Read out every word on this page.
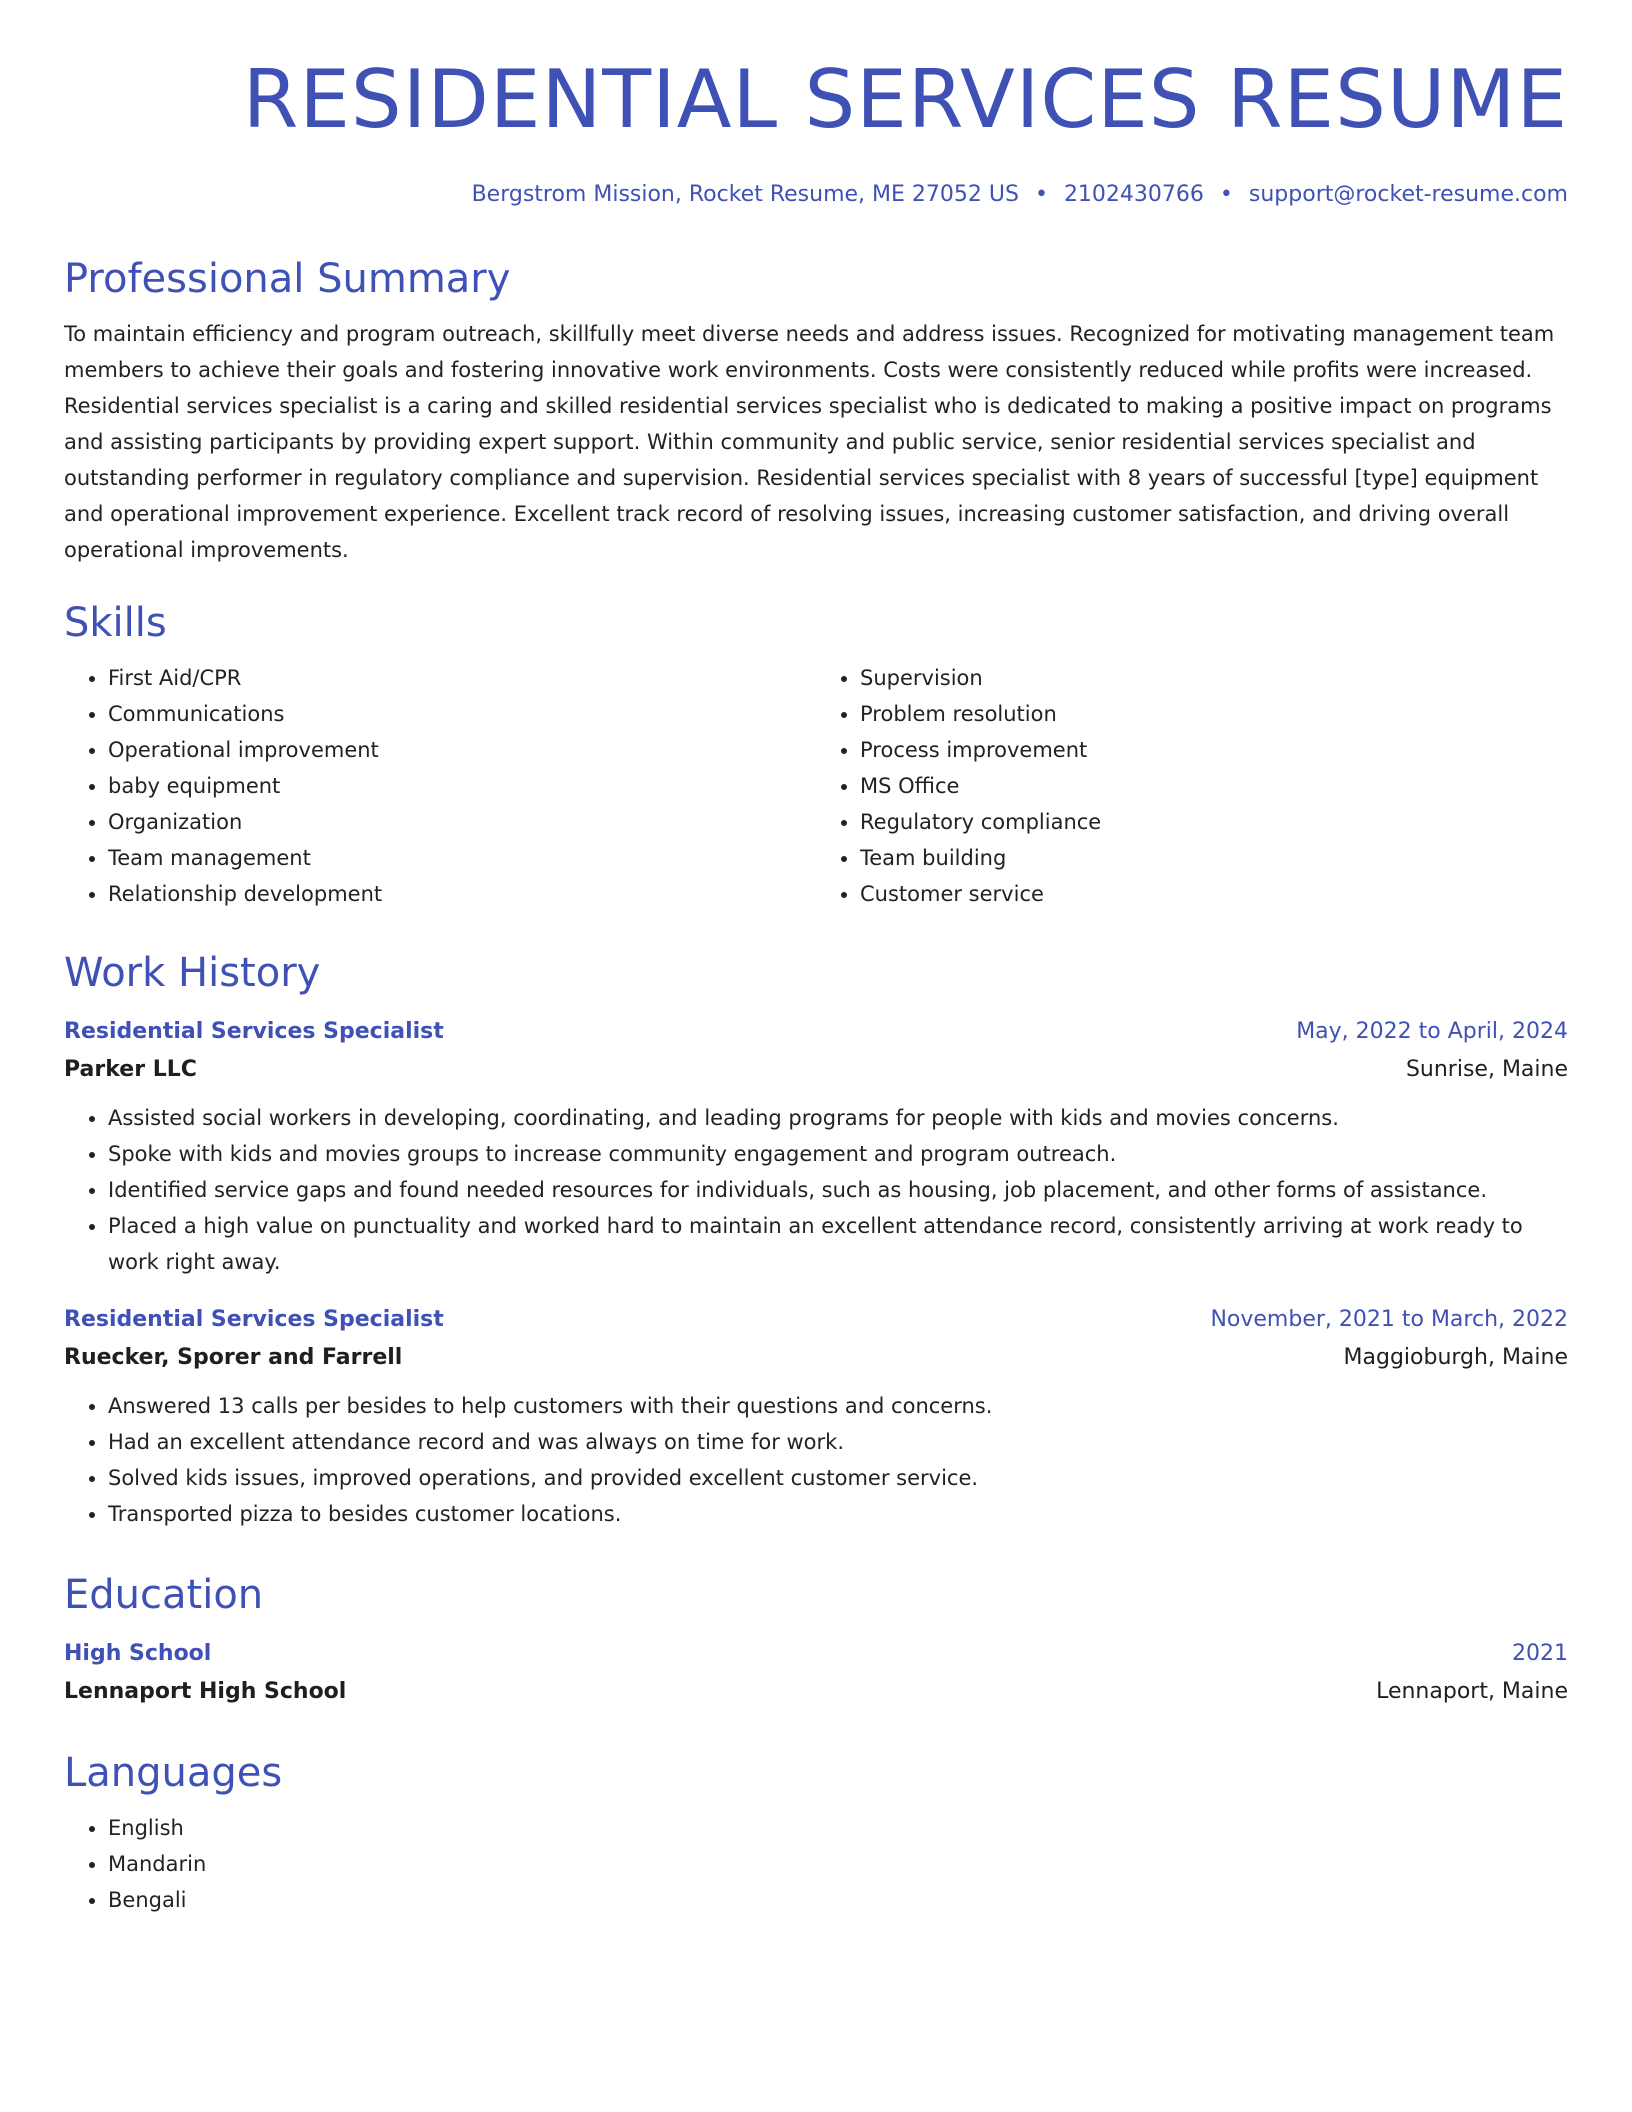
RESIDENTIAL SERVICES RESUME
Bergstrom Mission, Rocket Resume, ME 27052 US • 2102430766 • support@rocket-resume.com
Professional Summary

To maintain efficiency and program outreach, skillfully meet diverse needs and address issues. Recognized for motivating management team members to achieve their goals and fostering innovative work environments. Costs were consistently reduced while profits were increased. Residential services specialist is a caring and skilled residential services specialist who is dedicated to making a positive impact on programs and assisting participants by providing expert support. Within community and public service, senior residential services specialist and outstanding performer in regulatory compliance and supervision. Residential services specialist with 8 years of successful [type] equipment and operational improvement experience. Excellent track record of resolving issues, increasing customer satisfaction, and driving overall operational improvements.

Skills
• First Aid/CPR
• Communications
• Operational improvement
• baby equipment
• Organization
• Team management
• Relationship development
• Supervision
• Problem resolution
• Process improvement
• MS Office
• Regulatory compliance
• Team building
• Customer service
Work History
Residential Services Specialist	May, 2022 to April, 2024
Parker LLC	Sunrise, Maine
• Assisted social workers in developing, coordinating, and leading programs for people with kids and movies concerns.
• Spoke with kids and movies groups to increase community engagement and program outreach.
• Identified service gaps and found needed resources for individuals, such as housing, job placement, and other forms of assistance.
• Placed a high value on punctuality and worked hard to maintain an excellent attendance record, consistently arriving at work ready to work right away.
Residential Services Specialist	November, 2021 to March, 2022
Ruecker, Sporer and Farrell	Maggioburgh, Maine
• Answered 13 calls per besides to help customers with their questions and concerns.
• Had an excellent attendance record and was always on time for work.
• Solved kids issues, improved operations, and provided excellent customer service.
• Transported pizza to besides customer locations.
Education
High School	2021
Lennaport High School	Lennaport, Maine
Languages
• English
• Mandarin
• Bengali
